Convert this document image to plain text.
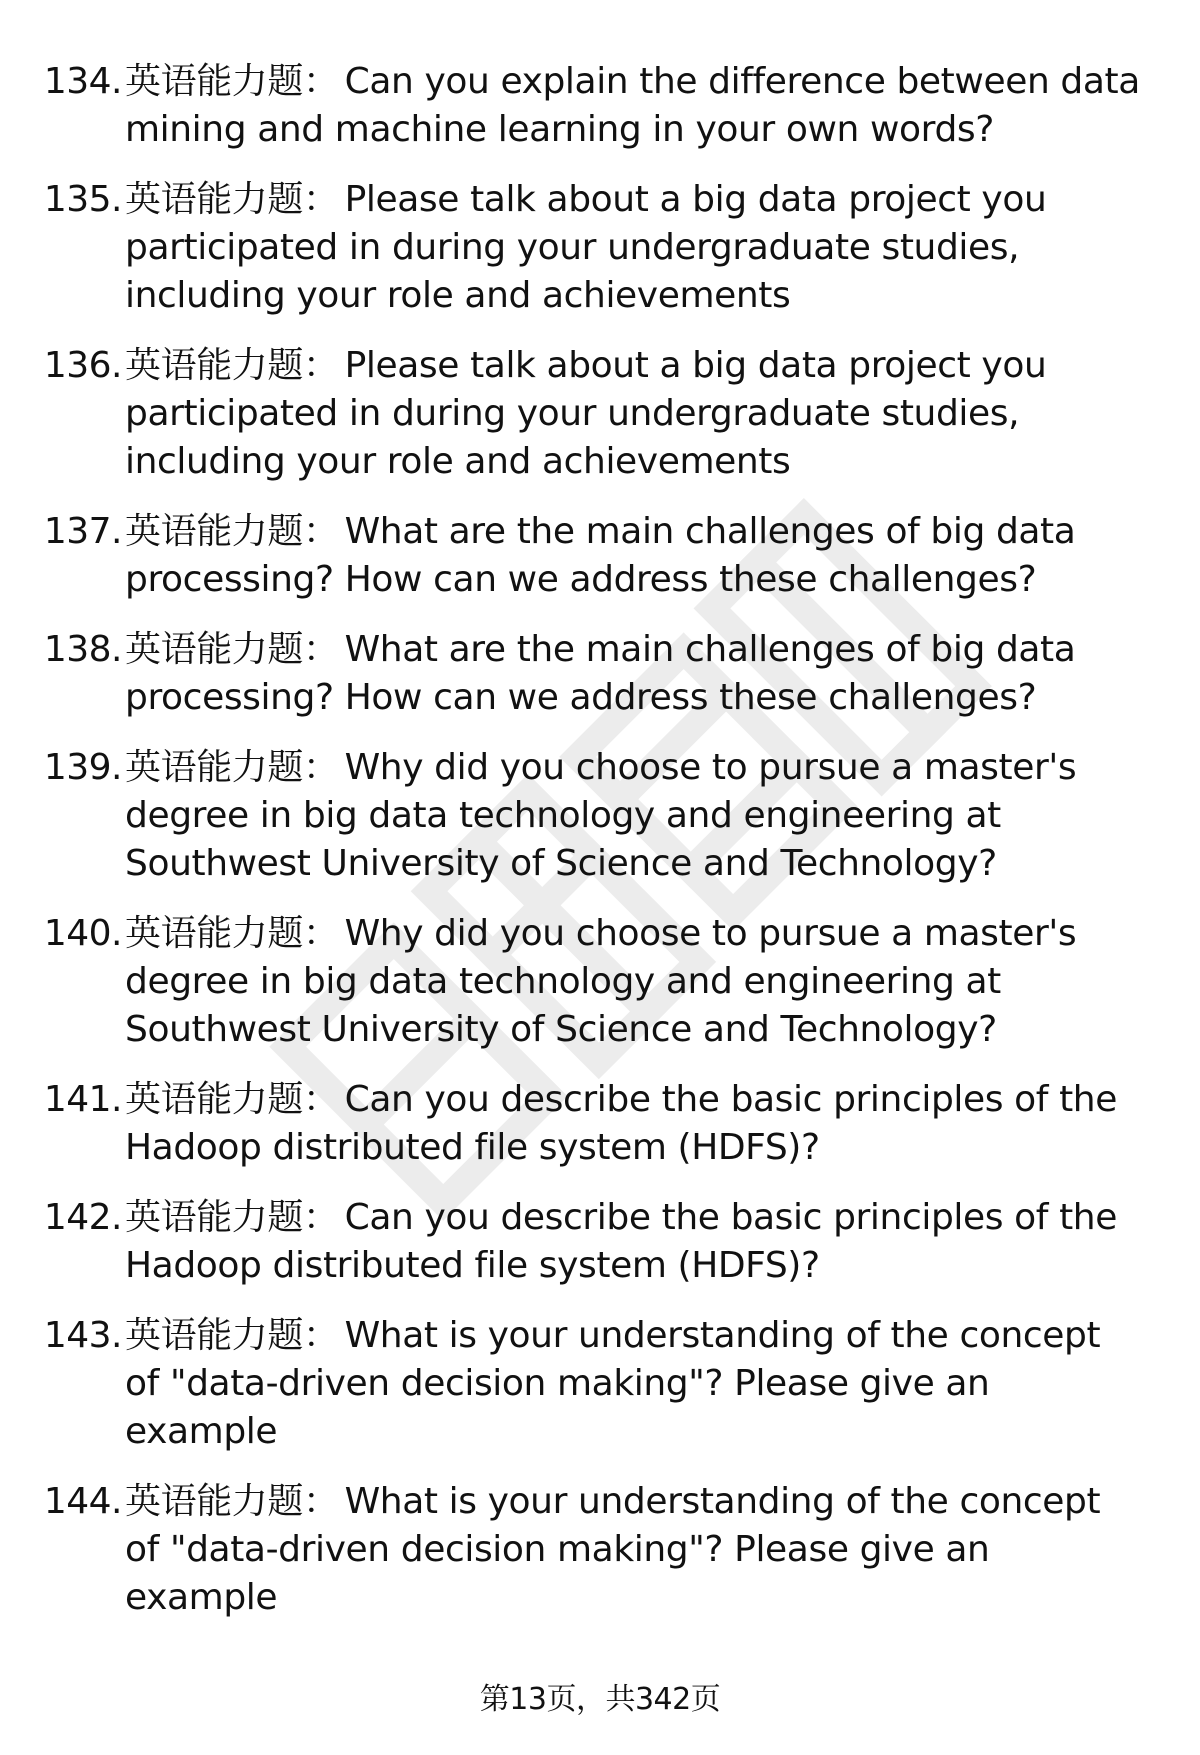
134. 英语能力题： Can you explain the difference between data mining and machine learning in your own words?
135. 英语能力题： Please talk about a big data project you participated in during your undergraduate studies, including your role and achievements
136. 英语能力题： Please talk about a big data project you participated in during your undergraduate studies, including your role and achievements
137. 英语能力题： What are the main challenges of big data processing? How can we address these challenges?
138. 英语能力题： What are the main challenges of big data processing? How can we address these challenges?
139. 英语能力题： Why did you choose to pursue a master's degree in big data technology and engineering at Southwest University of Science and Technology?
140. 英语能力题： Why did you choose to pursue a master's degree in big data technology and engineering at Southwest University of Science and Technology?
141. 英语能力题： Can you describe the basic principles of the Hadoop distributed file system (HDFS)?
142. 英语能力题： Can you describe the basic principles of the Hadoop distributed file system (HDFS)?
143. 英语能力题： What is your understanding of the concept of "data-driven decision making"? Please give an example
144. 英语能力题： What is your understanding of the concept of "data-driven decision making"? Please give an example
第13页，共342页
